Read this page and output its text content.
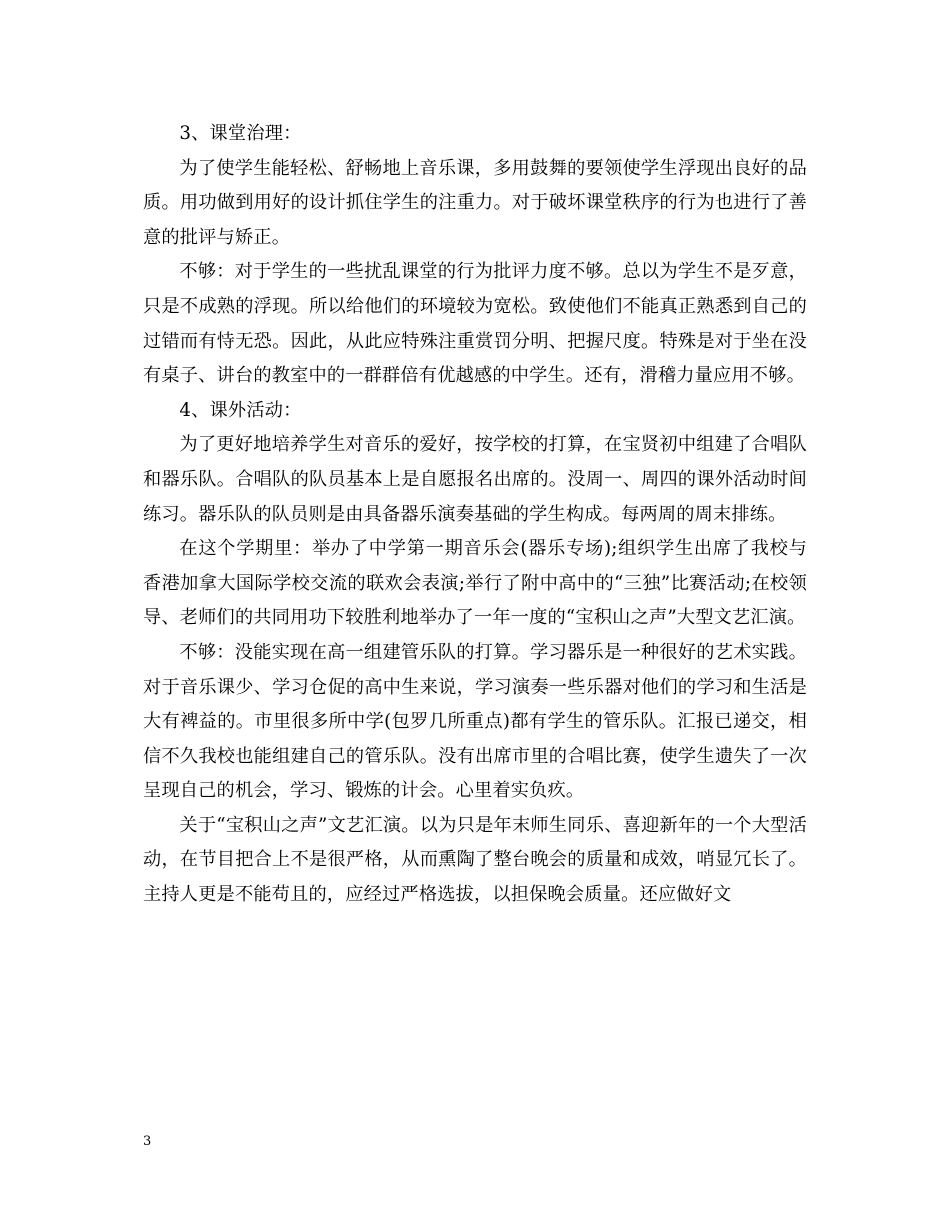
3、课堂治理：

为了使学生能轻松、舒畅地上音乐课，多用鼓舞的要领使学生浮现出良好的品质。用功做到用好的设计抓住学生的注重力。对于破坏课堂秩序的行为也进行了善意的批评与矫正。

不够：对于学生的一些扰乱课堂的行为批评力度不够。总以为学生不是歹意，只是不成熟的浮现。所以给他们的环境较为宽松。致使他们不能真正熟悉到自己的过错而有恃无恐。因此，从此应特殊注重赏罚分明、把握尺度。特殊是对于坐在没有桌子、讲台的教室中的一群群倍有优越感的中学生。还有，滑稽力量应用不够。

4、课外活动：

为了更好地培养学生对音乐的爱好，按学校的打算，在宝贤初中组建了合唱队和器乐队。合唱队的队员基本上是自愿报名出席的。没周一、周四的课外活动时间练习。器乐队的队员则是由具备器乐演奏基础的学生构成。每两周的周末排练。

在这个学期里：举办了中学第一期音乐会(器乐专场);组织学生出席了我校与香港加拿大国际学校交流的联欢会表演;举行了附中高中的“三独”比赛活动;在校领导、老师们的共同用功下较胜利地举办了一年一度的“宝积山之声”大型文艺汇演。

不够：没能实现在高一组建管乐队的打算。学习器乐是一种很好的艺术实践。对于音乐课少、学习仓促的高中生来说，学习演奏一些乐器对他们的学习和生活是大有裨益的。市里很多所中学(包罗几所重点)都有学生的管乐队。汇报已递交，相信不久我校也能组建自己的管乐队。没有出席市里的合唱比赛，使学生遗失了一次呈现自己的机会，学习、锻炼的计会。心里着实负疚。

关于“宝积山之声”文艺汇演。以为只是年末师生同乐、喜迎新年的一个大型活动，在节目把合上不是很严格，从而熏陶了整台晚会的质量和成效，哨显冗长了。主持人更是不能苟且的，应经过严格选拔，以担保晚会质量。还应做好文

3
